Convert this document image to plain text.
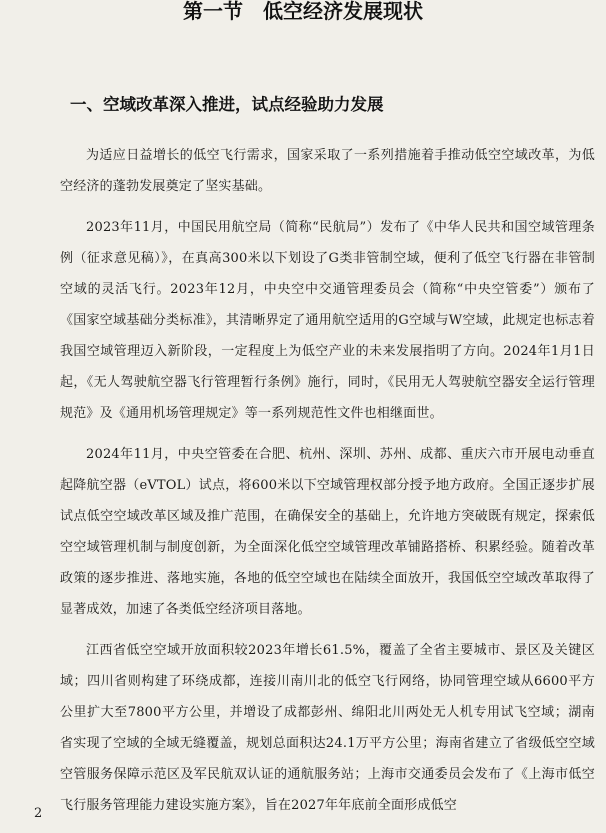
第一节　低空经济发展现状
一、空域改革深入推进，试点经验助力发展

为适应日益增长的低空飞行需求，国家采取了一系列措施着手推动低空空域改革，为低空经济的蓬勃发展奠定了坚实基础。

2023年11月，中国民用航空局（简称“民航局”）发布了《中华人民共和国空域管理条例（征求意见稿）》，在真高300米以下划设了G类非管制空域，便利了低空飞行器在非管制空域的灵活飞行。2023年12月，中央空中交通管理委员会（简称“中央空管委”）颁布了《国家空域基础分类标准》，其清晰界定了通用航空适用的G空域与W空域，此规定也标志着我国空域管理迈入新阶段，一定程度上为低空产业的未来发展指明了方向。2024年1月1日起，《无人驾驶航空器飞行管理暂行条例》施行，同时，《民用无人驾驶航空器安全运行管理规范》及《通用机场管理规定》等一系列规范性文件也相继面世。

2024年11月，中央空管委在合肥、杭州、深圳、苏州、成都、重庆六市开展电动垂直起降航空器（eVTOL）试点，将600米以下空域管理权部分授予地方政府。全国正逐步扩展试点低空空域改革区域及推广范围，在确保安全的基础上，允许地方突破既有规定，探索低空空域管理机制与制度创新，为全面深化低空空域管理改革铺路搭桥、积累经验。随着改革政策的逐步推进、落地实施，各地的低空空域也在陆续全面放开，我国低空空域改革取得了显著成效，加速了各类低空经济项目落地。

江西省低空空域开放面积较2023年增长61.5%，覆盖了全省主要城市、景区及关键区域；四川省则构建了环绕成都，连接川南川北的低空飞行网络，协同管理空域从6600平方公里扩大至7800平方公里，并增设了成都彭州、绵阳北川两处无人机专用试飞空域；湖南省实现了空域的全域无缝覆盖，规划总面积达24.1万平方公里；海南省建立了省级低空空域空管服务保障示范区及军民航双认证的通航服务站；上海市交通委员会发布了《上海市低空飞行服务管理能力建设实施方案》，旨在2027年年底前全面形成低空

2
